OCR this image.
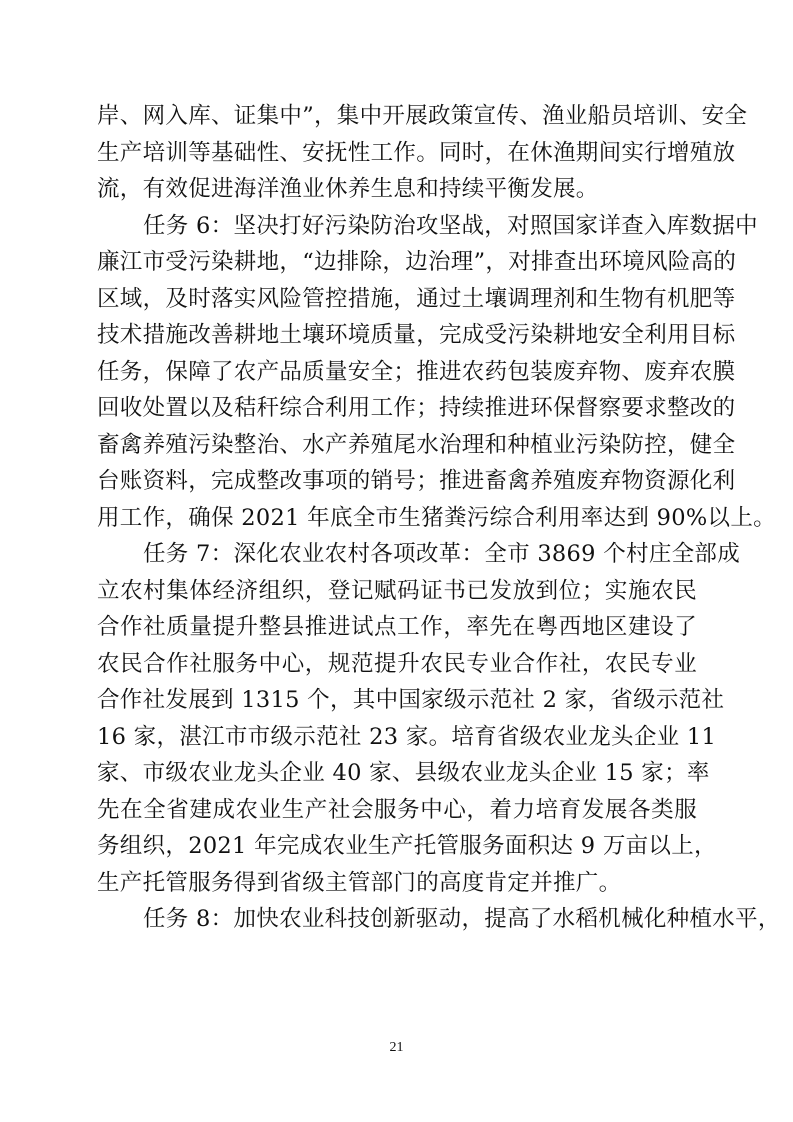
岸、网入库、证集中”，集中开展政策宣传、渔业船员培训、安全
生产培训等基础性、安抚性工作。同时，在休渔期间实行增殖放
流，有效促进海洋渔业休养生息和持续平衡发展。
任务 6：坚决打好污染防治攻坚战，对照国家详查入库数据中
廉江市受污染耕地，“边排除，边治理”，对排查出环境风险高的
区域，及时落实风险管控措施，通过土壤调理剂和生物有机肥等
技术措施改善耕地土壤环境质量，完成受污染耕地安全利用目标
任务，保障了农产品质量安全；推进农药包装废弃物、废弃农膜
回收处置以及秸秆综合利用工作；持续推进环保督察要求整改的
畜禽养殖污染整治、水产养殖尾水治理和种植业污染防控，健全
台账资料，完成整改事项的销号；推进畜禽养殖废弃物资源化利
用工作，确保 2021 年底全市生猪粪污综合利用率达到 90%以上。
任务 7：深化农业农村各项改革：全市 3869 个村庄全部成
立农村集体经济组织，登记赋码证书已发放到位；实施农民
合作社质量提升整县推进试点工作，率先在粤西地区建设了
农民合作社服务中心，规范提升农民专业合作社，农民专业
合作社发展到 1315 个，其中国家级示范社 2 家，省级示范社
16 家，湛江市市级示范社 23 家。培育省级农业龙头企业 11
家、市级农业龙头企业 40 家、县级农业龙头企业 15 家；率
先在全省建成农业生产社会服务中心，着力培育发展各类服
务组织，2021 年完成农业生产托管服务面积达 9 万亩以上，
生产托管服务得到省级主管部门的高度肯定并推广。
任务 8：加快农业科技创新驱动，提高了水稻机械化种植水平，
21
